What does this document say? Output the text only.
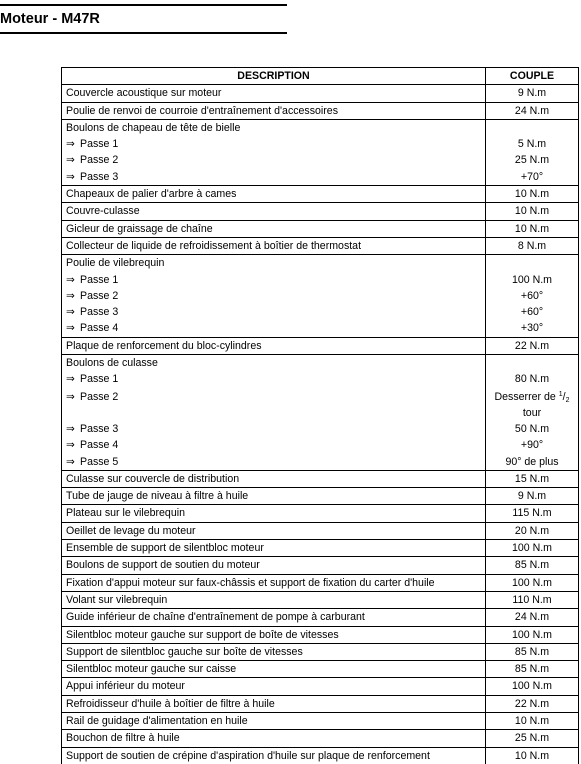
Moteur - M47R
DESCRIPTION	COUPLE
Couvercle acoustique sur moteur	9 N.m
Poulie de renvoi de courroie d'entraînement d'accessoires	24 N.m
Boulons de chapeau de tête de bielle	
⇒ Passe 1	5 N.m
⇒ Passe 2	25 N.m
⇒ Passe 3	+70°
Chapeaux de palier d'arbre à cames	10 N.m
Couvre-culasse	10 N.m
Gicleur de graissage de chaîne	10 N.m
Collecteur de liquide de refroidissement à boîtier de thermostat	8 N.m
Poulie de vilebrequin	
⇒ Passe 1	100 N.m
⇒ Passe 2	+60°
⇒ Passe 3	+60°
⇒ Passe 4	+30°
Plaque de renforcement du bloc-cylindres	22 N.m
Boulons de culasse	
⇒ Passe 1	80 N.m
⇒ Passe 2	Desserrer de $^1/_2$
tour
⇒ Passe 3	50 N.m
⇒ Passe 4	+90°
⇒ Passe 5	90° de plus
Culasse sur couvercle de distribution	15 N.m
Tube de jauge de niveau à filtre à huile	9 N.m
Plateau sur le vilebrequin	115 N.m
Oeillet de levage du moteur	20 N.m
Ensemble de support de silentbloc moteur	100 N.m
Boulons de support de soutien du moteur	85 N.m
Fixation d'appui moteur sur faux-châssis et support de fixation du carter d'huile	100 N.m
Volant sur vilebrequin	110 N.m
Guide inférieur de chaîne d'entraînement de pompe à carburant	24 N.m
Silentbloc moteur gauche sur support de boîte de vitesses	100 N.m
Support de silentbloc gauche sur boîte de vitesses	85 N.m
Silentbloc moteur gauche sur caisse	85 N.m
Appui inférieur du moteur	100 N.m
Refroidisseur d'huile à boîtier de filtre à huile	22 N.m
Rail de guidage d'alimentation en huile	10 N.m
Bouchon de filtre à huile	25 N.m
Support de soutien de crépine d'aspiration d'huile sur plaque de renforcement	10 N.m
